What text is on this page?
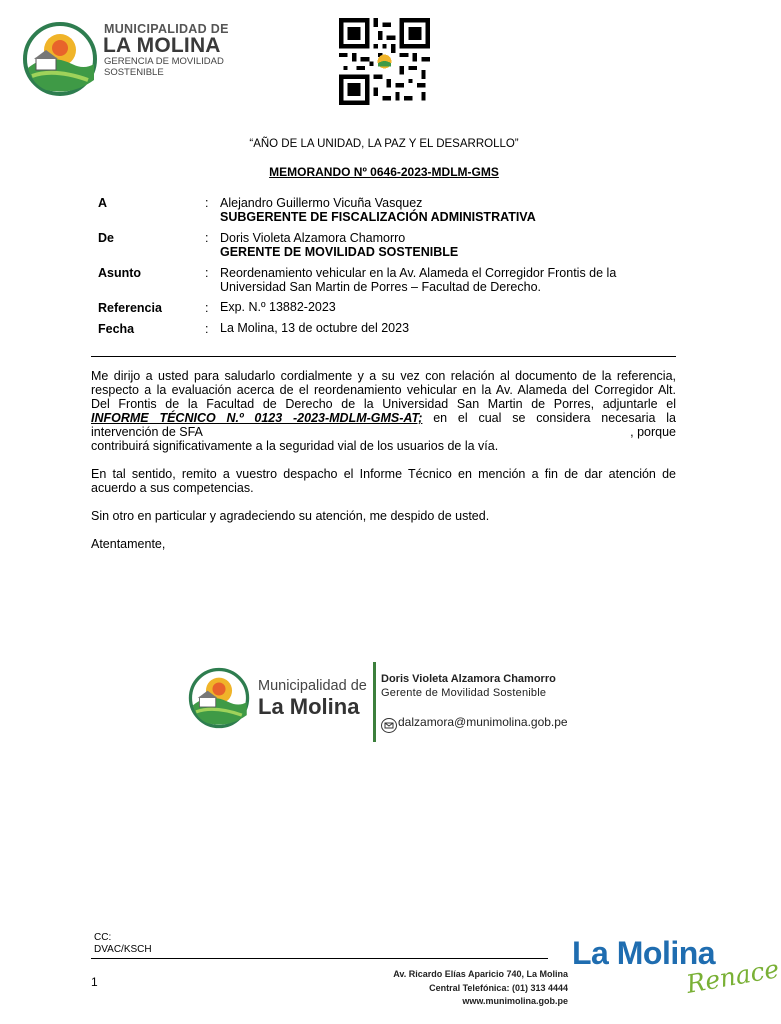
MUNICIPALIDAD DE
LA MOLINA
GERENCIA DE MOVILIDAD
SOSTENIBLE
“AÑO DE LA UNIDAD, LA PAZ Y EL DESARROLLO”
MEMORANDO Nº 0646-2023-MDLM-GMS
A	: Alejandro Guillermo Vicuña Vasquez
SUBGERENTE DE FISCALIZACIÓN ADMINISTRATIVA
De	: Doris Violeta Alzamora Chamorro
GERENTE DE MOVILIDAD SOSTENIBLE
Asunto	: Reordenamiento vehicular en la Av. Alameda el Corregidor Frontis de la
Universidad San Martin de Porres – Facultad de Derecho.
Referencia	: Exp. N.º 13882-2023
Fecha	: La Molina, 13 de octubre del 2023
Me dirijo a usted para saludarlo cordialmente y a su vez con relación al documento de la referencia,
respecto a la evaluación acerca de el reordenamiento vehicular en la Av. Alameda del Corregidor Alt.
Del Frontis de la Facultad de Derecho de la Universidad San Martin de Porres, adjuntarle el
INFORME TÉCNICO N.º 0123 -2023-MDLM-GMS-AT; en el cual se considera necesaria la
intervención de SFA	, porque
contribuirá significativamente a la seguridad vial de los usuarios de la vía.
En tal sentido, remito a vuestro despacho el Informe Técnico en mención a fin de dar atención de acuerdo a sus competencias.
Sin otro en particular y agradeciendo su atención, me despido de usted.
Atentamente,
Municipalidad de
La Molina
Doris Violeta Alzamora Chamorro
Gerente de Movilidad Sostenible
dalzamora@munimolina.gob.pe
CC:
DVAC/KSCH
1
Av. Ricardo Elías Aparicio 740, La Molina
Central Telefónica: (01) 313 4444
www.munimolina.gob.pe
La Molina
Renace
